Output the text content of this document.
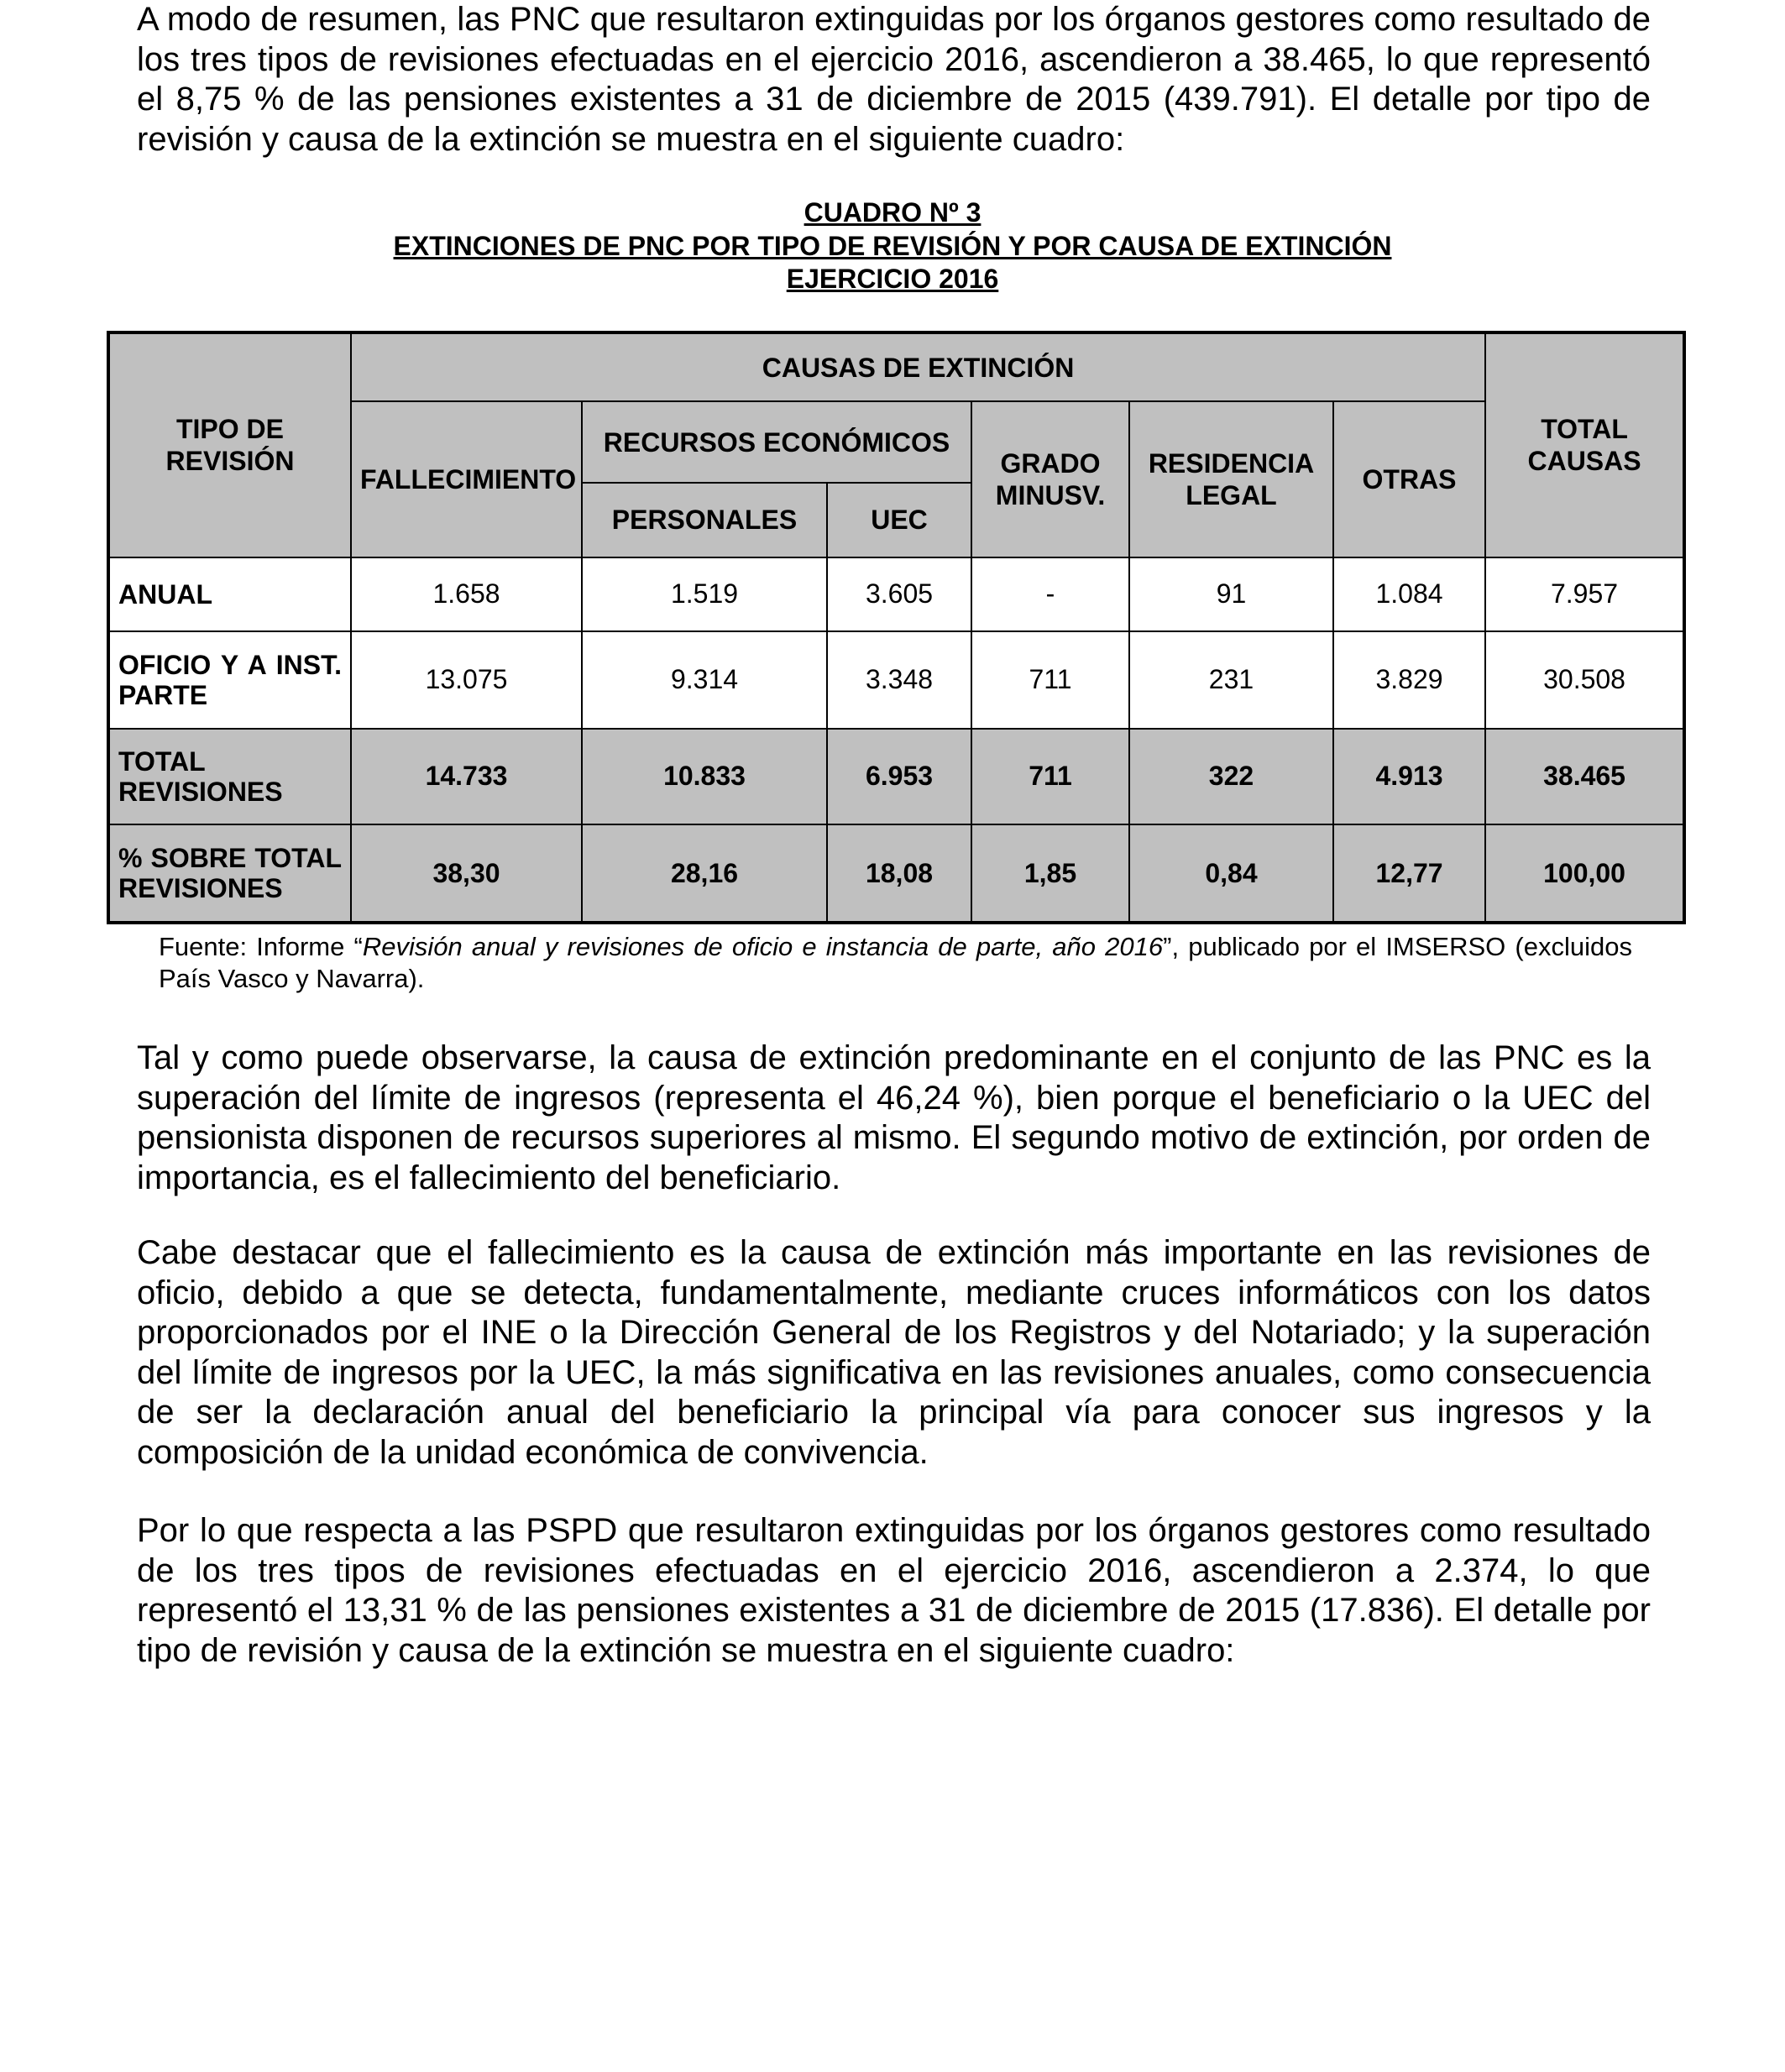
A modo de resumen, las PNC que resultaron extinguidas por los órganos gestores como resultado de los tres tipos de revisiones efectuadas en el ejercicio 2016, ascendieron a 38.465, lo que representó el 8,75 % de las pensiones existentes a 31 de diciembre de 2015 (439.791). El detalle por tipo de revisión y causa de la extinción se muestra en el siguiente cuadro:

CUADRO Nº 3
EXTINCIONES DE PNC POR TIPO DE REVISIÓN Y POR CAUSA DE EXTINCIÓN
EJERCICIO 2016
TIPO DE REVISIÓN	CAUSAS DE EXTINCIÓN						TOTAL CAUSAS
	FALLECIMIENTO	RECURSOS ECONÓMICOS		GRADO MINUSV.	RESIDENCIA LEGAL	OTRAS	
		PERSONALES	UEC				
ANUAL	1.658	1.519	3.605	-	91	1.084	7.957
OFICIO Y A INST. PARTE	13.075	9.314	3.348	711	231	3.829	30.508
TOTAL REVISIONES	14.733	10.833	6.953	711	322	4.913	38.465
% SOBRE TOTAL REVISIONES	38,30	28,16	18,08	1,85	0,84	12,77	100,00

Fuente: Informe “Revisión anual y revisiones de oficio e instancia de parte, año 2016”, publicado por el IMSERSO (excluidos País Vasco y Navarra).

Tal y como puede observarse, la causa de extinción predominante en el conjunto de las PNC es la superación del límite de ingresos (representa el 46,24 %), bien porque el beneficiario o la UEC del pensionista disponen de recursos superiores al mismo. El segundo motivo de extinción, por orden de importancia, es el fallecimiento del beneficiario.

Cabe destacar que el fallecimiento es la causa de extinción más importante en las revisiones de oficio, debido a que se detecta, fundamentalmente, mediante cruces informáticos con los datos proporcionados por el INE o la Dirección General de los Registros y del Notariado; y la superación del límite de ingresos por la UEC, la más significativa en las revisiones anuales, como consecuencia de ser la declaración anual del beneficiario la principal vía para conocer sus ingresos y la composición de la unidad económica de convivencia.

Por lo que respecta a las PSPD que resultaron extinguidas por los órganos gestores como resultado de los tres tipos de revisiones efectuadas en el ejercicio 2016, ascendieron a 2.374, lo que representó el 13,31 % de las pensiones existentes a 31 de diciembre de 2015 (17.836). El detalle por tipo de revisión y causa de la extinción se muestra en el siguiente cuadro:
